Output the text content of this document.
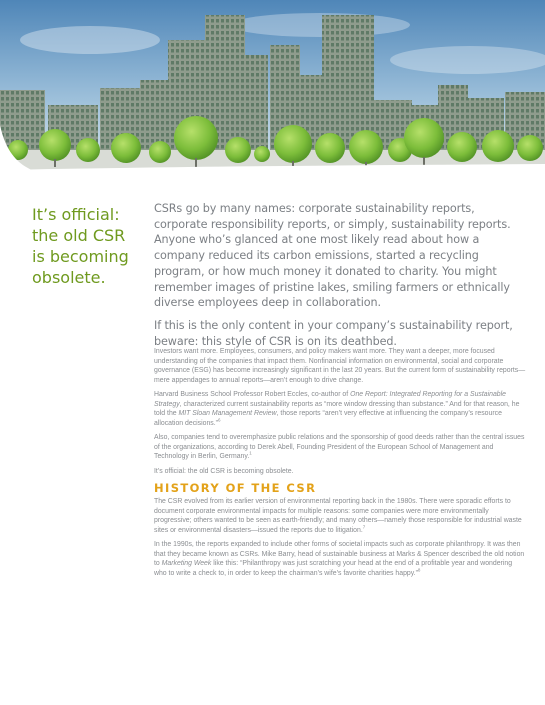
It’s official: the old CSR is becoming obsolete.

CSRs go by many names: corporate sustainability reports, corporate responsibility reports, or simply, sustainability reports. Anyone who’s glanced at one most likely read about how a company reduced its carbon emissions, started a recycling program, or how much money it donated to charity. You might remember images of pristine lakes, smiling farmers or ethnically diverse employees deep in collaboration.

If this is the only content in your company’s sustainability report, beware: this style of CSR is on its deathbed.

Investors want more. Employees, consumers, and policy makers want more. They want a deeper, more focused understanding of the companies that impact them. Nonfinancial information on environmental, social and corporate governance (ESG) has become increasingly significant in the last 20 years. But the current form of sustainability reports—mere appendages to annual reports—aren’t enough to drive change.

Harvard Business School Professor Robert Eccles, co-author of One Report: Integrated Reporting for a Sustainable Strategy, characterized current sustainability reports as “more window dressing than substance.” And for that reason, he told the MIT Sloan Management Review, those reports “aren’t very effective at influencing the company’s resource allocation decisions.”$^6$

Also, companies tend to overemphasize public relations and the sponsorship of good deeds rather than the central issues of the organizations, according to Derek Abell, Founding President of the European School of Management and Technology in Berlin, Germany.$^1$

It’s official: the old CSR is becoming obsolete.

HISTORY OF THE CSR

The CSR evolved from its earlier version of environmental reporting back in the 1980s. There were sporadic efforts to document corporate environmental impacts for multiple reasons: some companies were more environmentally progressive; others wanted to be seen as earth-friendly; and many others—namely those responsible for industrial waste sites or environmental disasters—issued the reports due to litigation.$^7$

In the 1990s, the reports expanded to include other forms of societal impacts such as corporate philanthropy. It was then that they became known as CSRs. Mike Barry, head of sustainable business at Marks & Spencer described the old notion to Marketing Week like this: “Philanthropy was just scratching your head at the end of a profitable year and wondering who to write a check to, in order to keep the chairman’s wife’s favorite charities happy.”$^8$
